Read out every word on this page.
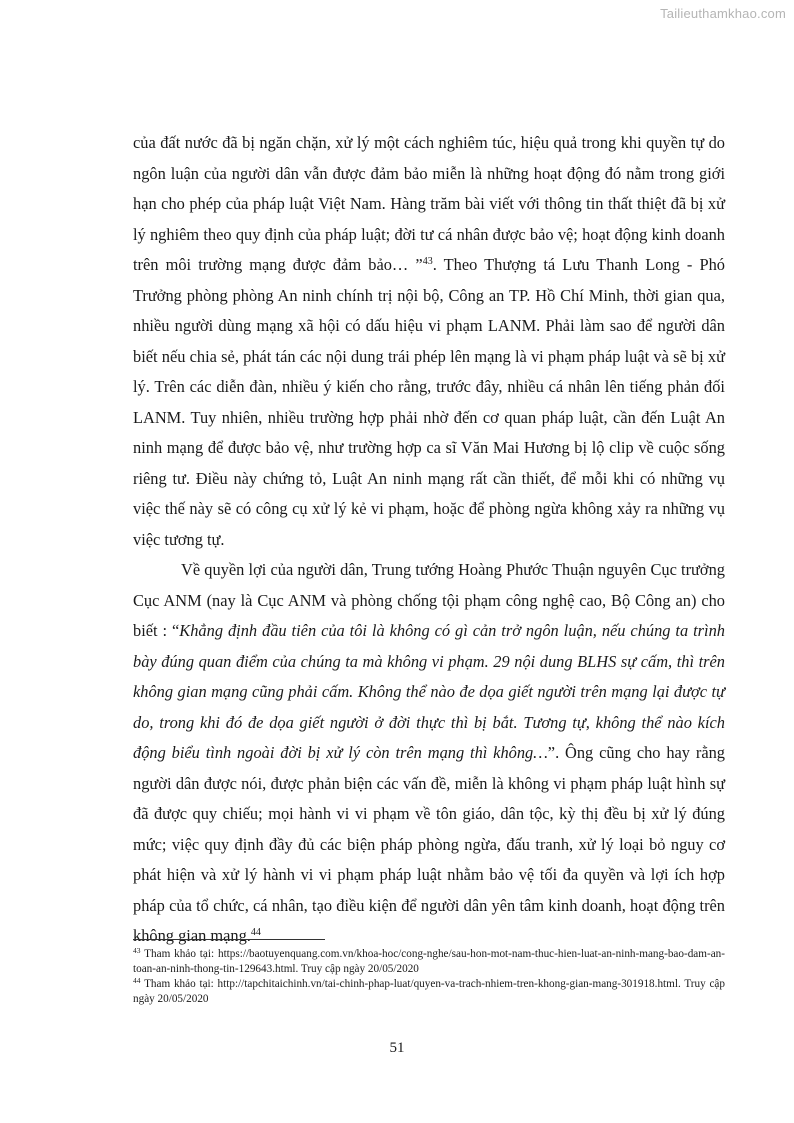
Tailieuthamkhao.com

của đất nước đã bị ngăn chặn, xử lý một cách nghiêm túc, hiệu quả trong khi quyền tự do ngôn luận của người dân vẫn được đảm bảo miễn là những hoạt động đó nằm trong giới hạn cho phép của pháp luật Việt Nam. Hàng trăm bài viết với thông tin thất thiệt đã bị xử lý nghiêm theo quy định của pháp luật; đời tư cá nhân được bảo vệ; hoạt động kinh doanh trên môi trường mạng được đảm bảo… ”$^{43}$. Theo Thượng tá Lưu Thanh Long - Phó Trưởng phòng phòng An ninh chính trị nội bộ, Công an TP. Hồ Chí Minh, thời gian qua, nhiều người dùng mạng xã hội có dấu hiệu vi phạm LANM. Phải làm sao để người dân biết nếu chia sẻ, phát tán các nội dung trái phép lên mạng là vi phạm pháp luật và sẽ bị xử lý. Trên các diễn đàn, nhiều ý kiến cho rằng, trước đây, nhiều cá nhân lên tiếng phản đối LANM. Tuy nhiên, nhiều trường hợp phải nhờ đến cơ quan pháp luật, cần đến Luật An ninh mạng để được bảo vệ, như trường hợp ca sĩ Văn Mai Hương bị lộ clip về cuộc sống riêng tư. Điều này chứng tỏ, Luật An ninh mạng rất cần thiết, để mỗi khi có những vụ việc thế này sẽ có công cụ xử lý kẻ vi phạm, hoặc để phòng ngừa không xảy ra những vụ việc tương tự.

Về quyền lợi của người dân, Trung tướng Hoàng Phước Thuận nguyên Cục trưởng Cục ANM (nay là Cục ANM và phòng chống tội phạm công nghệ cao, Bộ Công an) cho biết : “Khẳng định đầu tiên của tôi là không có gì cản trở ngôn luận, nếu chúng ta trình bày đúng quan điểm của chúng ta mà không vi phạm. 29 nội dung BLHS sự cấm, thì trên không gian mạng cũng phải cấm. Không thể nào đe dọa giết người trên mạng lại được tự do, trong khi đó đe dọa giết người ở đời thực thì bị bắt. Tương tự, không thể nào kích động biểu tình ngoài đời bị xử lý còn trên mạng thì không…”. Ông cũng cho hay rằng người dân được nói, được phản biện các vấn đề, miễn là không vi phạm pháp luật hình sự đã được quy chiếu; mọi hành vi vi phạm về tôn giáo, dân tộc, kỳ thị đều bị xử lý đúng mức; việc quy định đầy đủ các biện pháp phòng ngừa, đấu tranh, xử lý loại bỏ nguy cơ phát hiện và xử lý hành vi vi phạm pháp luật nhằm bảo vệ tối đa quyền và lợi ích hợp pháp của tổ chức, cá nhân, tạo điều kiện để người dân yên tâm kinh doanh, hoạt động trên không gian mạng.$^{44}$

$^{43}$ Tham khảo tại: https://baotuyenquang.com.vn/khoa-hoc/cong-nghe/sau-hon-mot-nam-thuc-hien-luat-an-ninh-mang-bao-dam-an-toan-an-ninh-thong-tin-129643.html. Truy cập ngày 20/05/2020

$^{44}$ Tham khảo tại: http://tapchitaichinh.vn/tai-chinh-phap-luat/quyen-va-trach-nhiem-tren-khong-gian-mang-301918.html. Truy cập ngày 20/05/2020

51
